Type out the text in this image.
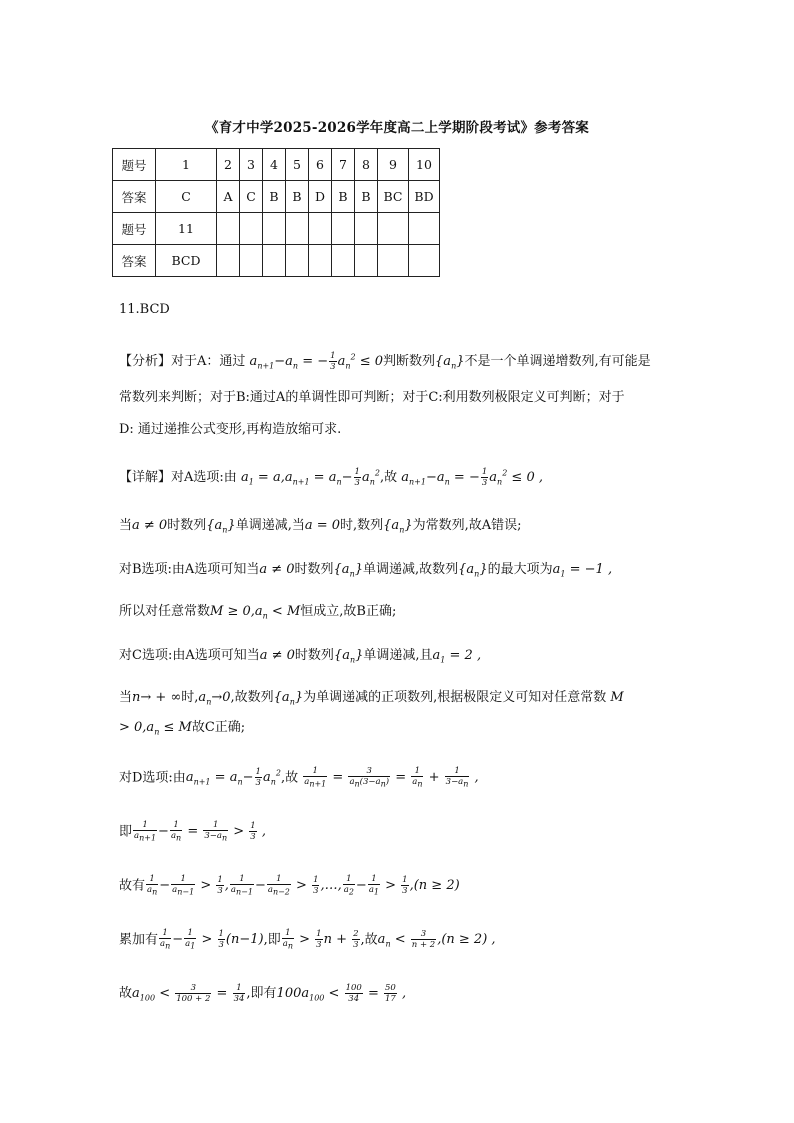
《育才中学2025-2026学年度高二上学期阶段考试》参考答案
题号	1	2	3	4	5	6	7	8	9	10
答案	C	A	C	B	B	D	B	B	BC	BD
题号	11									
答案	BCD									
11.BCD
【分析】对于A：通过 $a_{n+1}-a_n$ = − $\frac{1}{3} a_n^2 \le 0$判断数列$\{a_n\}$不是一个单调递增数列,有可能是
常数列来判断；对于B:通过A的单调性即可判断；对于C:利用数列极限定义可判断；对于
D: 通过递推公式变形,再构造放缩可求.
【详解】对A选项:由 $a_1 = a,a_{n+1} = a_n- \frac{1}{3} a_n^2$,故 $a_{n+1}-a_n$ = − $\frac{1}{3} a_n^2 \le 0$ ,
当a ≠ 0时数列$\{a_n\}$单调递减,当a = 0时,数列$\{a_n\}$为常数列,故A错误;
对B选项:由A选项可知当a ≠ 0时数列$\{a_n\}$单调递减,故数列$\{a_n\}$的最大项为$a_1 = -1$ ,
所以对任意常数$M \ge 0,a_n < M$恒成立,故B正确;
对C选项:由A选项可知当a ≠ 0时数列$\{a_n\}$单调递减,且$a_1 = 2$ ,
当n→ + ∞时$,a_n\to 0$,故数列$\{a_n\}$为单调递减的正项数列,根据极限定义可知对任意常数 M
> $0,a_n \le M$故C正确;
对D选项:由$a_{n+1} = a_n- \frac{1}{3} a_n^2$,故 $\frac{1}{a_{n+1}} = \frac{3}{a_n(3-a_n)} = \frac{1}{a_n} + \frac{1}{3-a_n}$ ,
即 $\frac{1}{a_{n+1}} - \frac{1}{a_n} = \frac{1}{3-a_n} > \frac{1}{3}$ ,
故有 $\frac{1}{a_n} - \frac{1}{a_{n-1}} > \frac{1}{3}$ , $\frac{1}{a_{n-1}} - \frac{1}{a_{n-2}} > \frac{1}{3}$ ,…, $\frac{1}{a_2} - \frac{1}{a_1} > \frac{1}{3} ,(n \ge 2)$
累加有 $\frac{1}{a_n} - \frac{1}{a_1} > \frac{1}{3} (n-1)$,即 $\frac{1}{a_n} > \frac{1}{3}$ $n + \frac{2}{3}$ ,故$a_n < \frac{3}{n + 2} ,(n \ge 2)$ ,
故$a_{100} < \frac{3}{100 + 2} = \frac{1}{34}$ ,即有$100a_{100} < \frac{100}{34} = \frac{50}{17}$ ,
